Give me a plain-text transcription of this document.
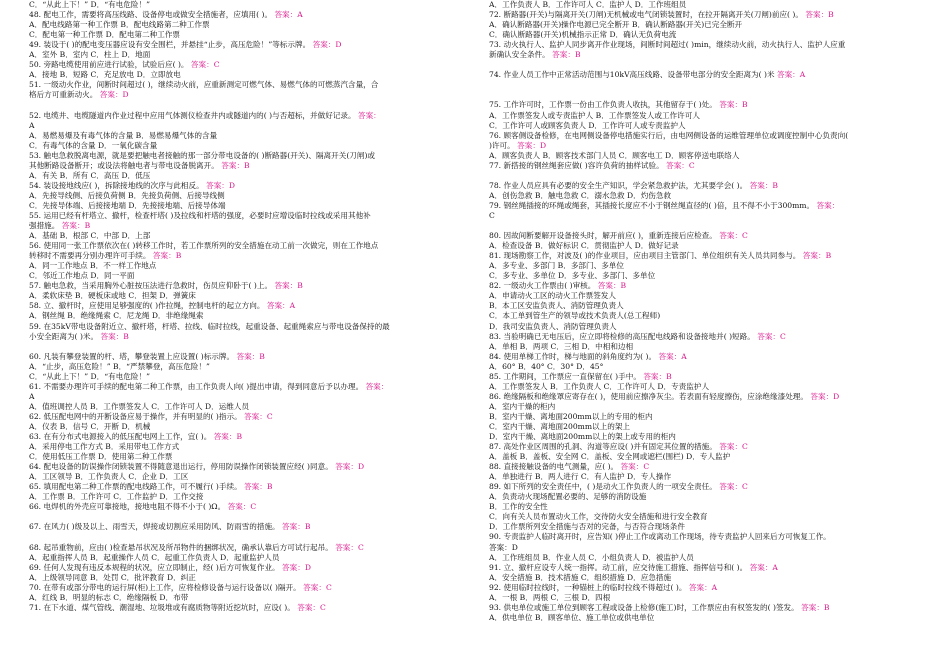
C．“从此上下！” D．“有电危险！”
48. 配电工作，需要将高压线路、设备停电或做安全措施者，应填用( )。 答案：A
A．配电线路第一种工作票 B．配电线路第二种工作票
C．配电第一种工作票 D．配电第二种工作票
49. 装设于( )的配电变压器应设有安全围栏，并悬挂“止步，高压危险！”等标示牌。 答案：D
A．室外 B．室内 C．柱上 D．地面
50. 旁路电缆使用前应进行试验，试验后应( )。 答案：C
A．接地 B．短路 C．充足放电 D．立即放电
51. 一级动火作业，间断时间超过( )，继续动火前，应重新测定可燃气体、易燃气体的可燃蒸汽含量，合
格后方可重新动火。 答案：D
52. 电缆井、电缆隧道内作业过程中应用气体测仪检查井内或隧道内的( )与否超标，并做好记录。 答案：
A
A．易燃易爆及有毒气体的含量 B．易燃易爆气体的含量
C．有毒气体的含量 D．一氧化碳含量
53. 触电急救脱离电源，就是要把触电者接触的那一部分带电设备的( )断路器(开关)、隔离开关(刀闸)或
其他断路设备断开；或设法将触电者与带电设备脱离开。 答案：B
A．有关 B．所有 C．高压 D．低压
54. 装设接地线应( )，拆除接地线的次序与此相反。 答案：D
A．先接导线侧、后接负荷侧 B．先接负荷侧、后接导线侧
C．先接导体端、后接接地端 D．先接接地端、后接导体端
55. 运用已经有杆塔立、撤杆，检查杆塔( )及拉线和杆塔的强度，必要时应增设临时拉线或采用其他补
强措施。 答案：B
A．基础 B．根部 C．中部 D．上部
56. 使用同一张工作票依次在( )转移工作时，若工作票所列的安全措施在动工前一次做完，则在工作地点
转移时不需要再分别办理许可手续。 答案：B
A．同一工作地点 B．不一样工作地点
C．邻近工作地点 D．同一平面
57. 触电急救，当采用胸外心脏按压法进行急救时，伤员应仰卧于( )上。 答案：B
A．柔软床垫 B．硬板床或地 C．担架 D．弹簧床
58. 立、撤杆时，应使用足够强度的( )作拉绳，控制电杆的起立方向。 答案：A
A．钢丝绳 B．绝缘绳索 C．尼龙绳 D．非绝缘绳索
59. 在35kV带电设备附近立、撤杆塔，杆塔、拉线、临时拉线，起重设备、起重绳索应与带电设备保持的最
小安全距离为( )米。 答案：B
60. 凡装有攀登装置的杆、塔，攀登装置上应设置( )标示牌。 答案：B
A．“止步，高压危险！” B．“严禁攀登，高压危险！”
C．“从此上下！” D．“有电危险！”
61. 不需要办理许可手续的配电第二种工作票，由工作负责人向( )提出申请，得到同意后予以办理。 答案：
A
A．值班调控人员 B．工作票签发人 C．工作许可人 D．运维人员
62. 低压配电网中的开断设备应易于操作，并有明显的( )指示。 答案：C
A．仪表 B．信号 C．开断 D．机械
63. 在有分布式电源接入的低压配电网上工作，宜( )。 答案：B
A．采用停电工作方式 B．采用带电工作方式
C．使用低压工作票 D．使用第二种工作票
64. 配电设备的防误操作闭锁装置不得随意退出运行，停用防误操作闭锁装置应经( )同意。 答案：D
A．工区领导 B．工作负责人 C．企业 D．工区
65. 填用配电第二种工作票的配电线路工作，可不履行( )手续。 答案：B
A．工作票 B．工作许可 C．工作监护 D．工作交接
66. 电焊机的外壳应可靠接地，接地电阻不得不小于( )Ω。 答案：C
67. 在风力( )级及以上、雨雪天，焊接或切割应采用防风、防雨雪的措施。 答案：B
68. 起吊重物前，应由( )检查悬吊状况及所吊物件的捆绑状况，确承认靠后方可试行起吊。 答案：C
A．起重指挥人员 B．起重操作人员 C．起重工作负责人 D．起重监护人员
69. 任何人发现有违反本规程的状况，应立即制止，经( )后方可恢复作业。 答案：D
A．上级领导同意 B．处罚 C．批评教育 D．纠正
70. 在带有或部分带电的运行屏(柜)上工作，应将检修设备与运行设备以( )隔开。 答案：C
A．红线 B．明显的标志 C．绝缘隔板 D．布带
71. 在下水道、煤气管线、潮湿地、垃圾堆或有腐质物等附近挖坑时，应设( )。 答案：C
A．工作负责人 B．工作许可人 C．监护人 D．工作班组员
72. 断路器(开关)与隔离开关(刀闸)无机械或电气闭锁装置时，在拉开隔离开关(刀闸)前应( )。 答案：B
A．确认断路器(开关)操作电源已完全断开 B．确认断路器(开关)已完全断开
C．确认断路器(开关)机械指示正常 D．确认无负荷电流
73. 动火执行人、监护人同步离开作业现场，间断时间超过( )min，继续动火前，动火执行人、监护人应重
新确认安全条件。 答案：B
74. 作业人员工作中正常活动范围与10kV高压线路、设备带电部分的安全距离为( )米 答案：A
75. 工作许可时，工作票一份由工作负责人收执，其他留存于( )处。 答案：B
A．工作票签发人或专责监护人 B．工作票签发人或工作许可人
C．工作许可人或顾客负责人 D．工作许可人或专责监护人
76. 顾客侧设备检修，在电网侧设备停电措施实行后，由电网侧设备的运维管理单位或调度控制中心负责向(
)许可。 答案：D
A．顾客负责人 B．顾客技术部门人员 C．顾客电工 D．顾客停送电联络人
77. 新搭接的钢丝绳套应做( )容许负荷的抽样试验。 答案：C
78. 作业人员应具有必要的安全生产知识，学会紧急救护法，尤其要学会( )。 答案：B
A．创伤急救 B．触电急救 C．溺水急救 D．灼伤急救
79. 钢丝绳插接的环绳或绳套，其插接长度应不小于钢丝绳直径的( )倍，且不得不小于300mm。 答案：
C
80. 因故间断要解开设备接头时，解开前应( )，重新连接后应检查。 答案：C
A．检查设备 B．做好标识 C．贯彻监护人 D．做好记录
81. 现场勘察工作，对波及( )的作业项目，应由项目主管部门、单位组织有关人员共同参与。 答案：B
A．多专业、多部门 B．多部门、多单位
C．多专业、多单位 D．多专业、多部门、多单位
82. 一级动火工作票由( )审核。 答案：B
A．申请动火工区的动火工作票签发人
B．本工区安监负责人、消防管理负责人
C．本工单到管生产的领导或技术负责人(总工程师)
D．我司安监负责人、消防管理负责人
83. 当验明确已无电压后，应立即将检修的高压配电线路和设备接地并( )短路。 答案：C
A．单相 B．两项 C．三相 D．中相和边相
84. 使用单梯工作时，梯与地面的斜角度约为( )。 答案：A
A．60° B．40° C．30° D．45°
85. 工作期间，工作票应一直保留在( )手中。 答案：B
A．工作票签发人 B．工作负责人 C．工作许可人 D．专责监护人
86. 绝缘隔板和绝缘罩应寄存在( )，使用前应擦净灰尘。若表面有轻度擦伤，应涂绝缘漆处理。 答案：D
A．室内干燥的柜内
B．室内干燥、离地面200mm以上的专用的柜内
C．室内干燥、离地面200mm以上的架上
D．室内干燥、离地面200mm以上的架上或专用的柜内
87. 高处作业区周围的孔洞、沟道等应设( )并有固定其位置的措施。 答案：C
A．盖板 B．盖板、安全网 C．盖板、安全网或遮栏(围栏) D．专人监护
88. 直接接触设备的电气测量，应( )。 答案：C
A．单独进行 B．两人进行 C．有人监护 D．专人操作
89. 如下所列的安全责任中，( )是动火工作负责人的一项安全责任。 答案：C
A．负责动火现场配置必要的、足够的消防设施
B．工作的安全性
C．向有关人员布置动火工作，交待防火安全措施和进行安全教育
D．工作票所列安全措施与否对的完备，与否符合现场条件
90. 专责监护人临时离开时，应告知( )停止工作或离动工作现场，待专责监护人回来后方可恢复工作。
答案：D
A．工作班组员 B．作业人员 C．小组负责人 D．被监护人员
91. 立、撤杆应设专人统一指挥。动工前，应交待施工措施、指挥信号和( )。 答案：A
A．安全措施 B．技术措施 C．组织措施 D．应急措施
92. 使用临时拉线时，一种锚桩上的临时拉线不得超过( )。 答案：A
A．一根 B．两根 C．三根 D．四根
93. 供电单位或施工单位到顾客工程或设备上检修(施工)时，工作票应由有权签发的( )签发。 答案：B
A．供电单位 B．顾客单位、施工单位或供电单位
